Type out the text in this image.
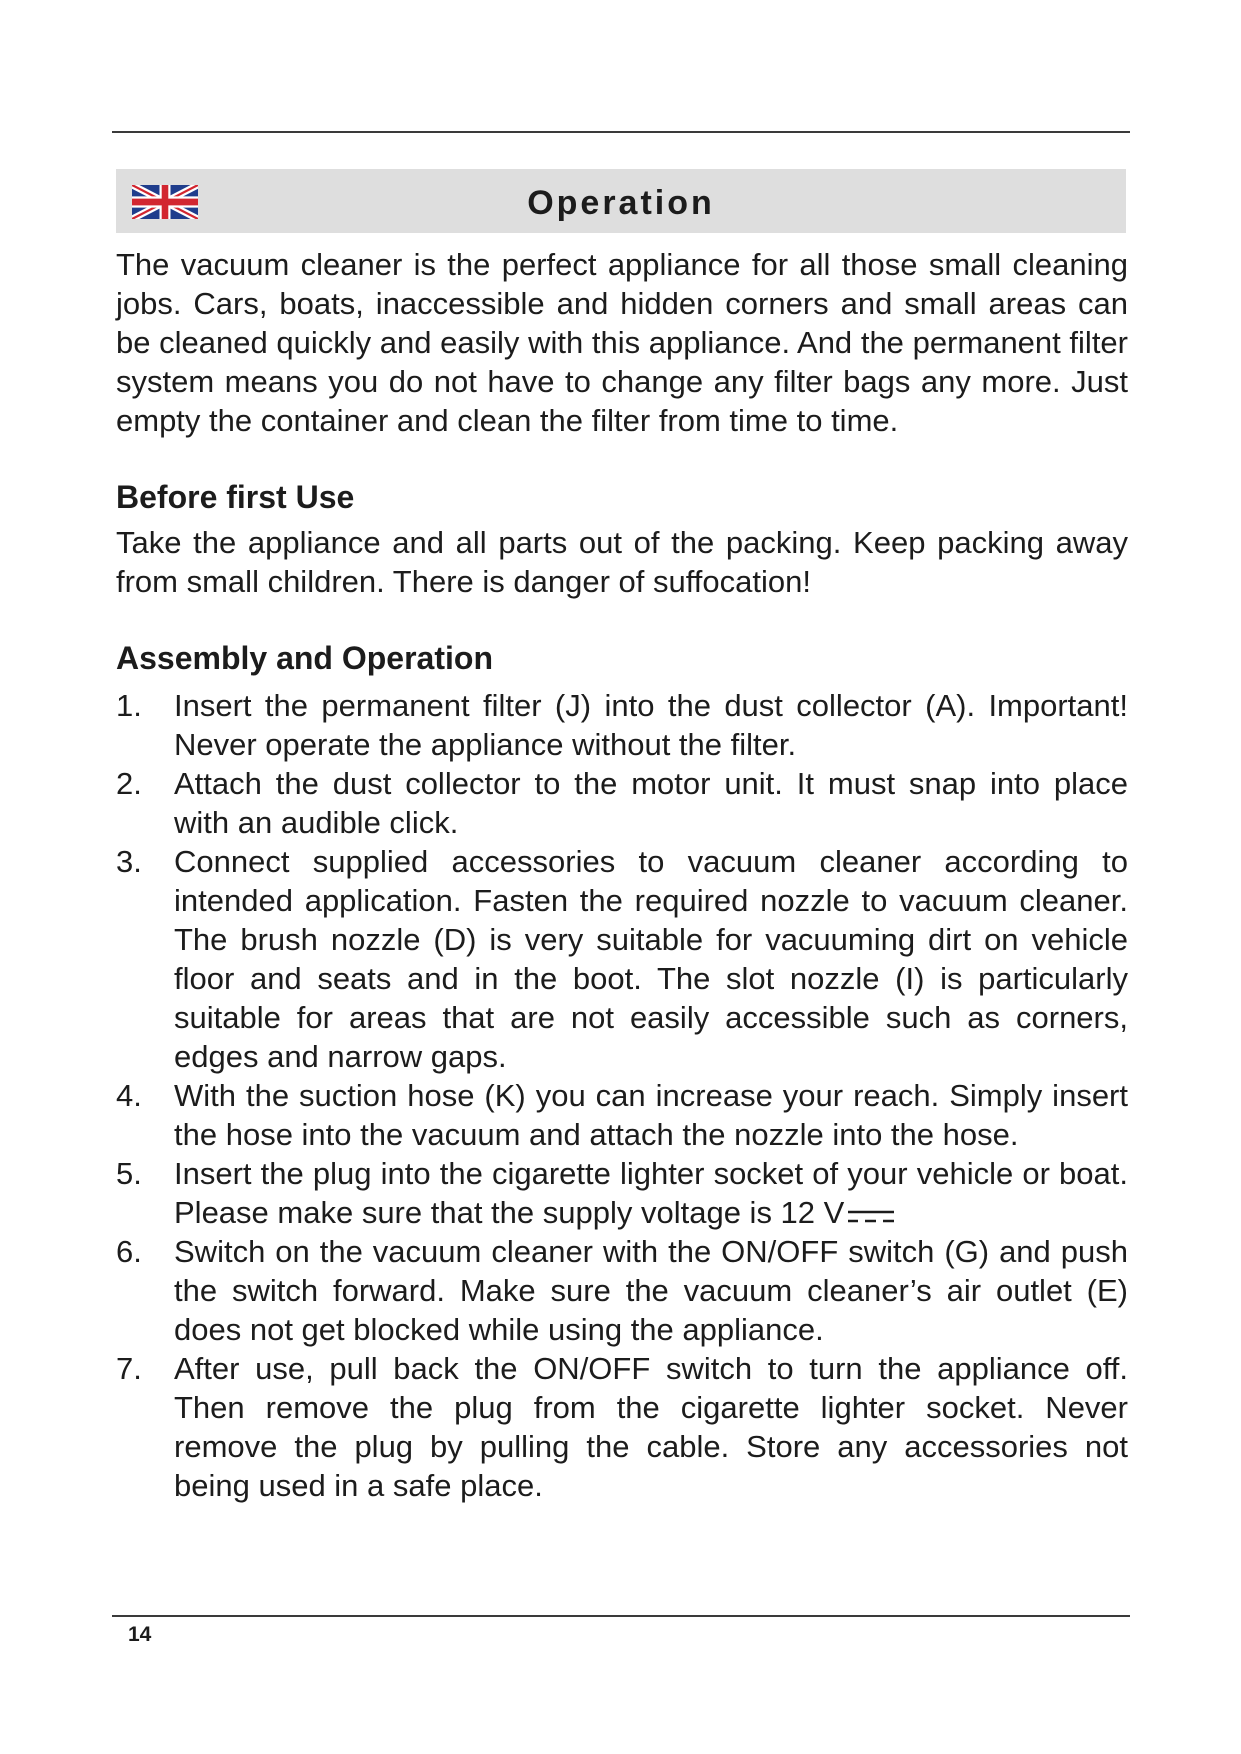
Operation

The vacuum cleaner is the perfect appliance for all those small cleaning jobs. Cars, boats, inaccessible and hidden corners and small areas can be cleaned quickly and easily with this appliance. And the permanent filter system means you do not have to change any filter bags any more. Just empty the container and clean the filter from time to time.

Before first Use

Take the appliance and all parts out of the packing. Keep packing away from small children. There is danger of suffocation!

Assembly and Operation
1. Insert the permanent filter (J) into the dust collector (A). Important! Never operate the appliance without the filter.
2. Attach the dust collector to the motor unit. It must snap into place with an audible click.
3. Connect supplied accessories to vacuum cleaner according to intended application. Fasten the required nozzle to vacuum cleaner. The brush nozzle (D) is very suitable for vacuuming dirt on vehicle floor and seats and in the boot. The slot nozzle (I) is particularly suitable for areas that are not easily accessible such as corners, edges and narrow gaps.
4. With the suction hose (K) you can increase your reach. Simply insert the hose into the vacuum and attach the nozzle into the hose.
5. Insert the plug into the cigarette lighter socket of your vehicle or boat. Please make sure that the supply voltage is 12 V
6. Switch on the vacuum cleaner with the ON/OFF switch (G) and push the switch forward. Make sure the vacuum cleaner’s air outlet (E) does not get blocked while using the appliance.
7. After use, pull back the ON/OFF switch to turn the appliance off. Then remove the plug from the cigarette lighter socket. Never remove the plug by pulling the cable. Store any accessories not being used in a safe place.
14
